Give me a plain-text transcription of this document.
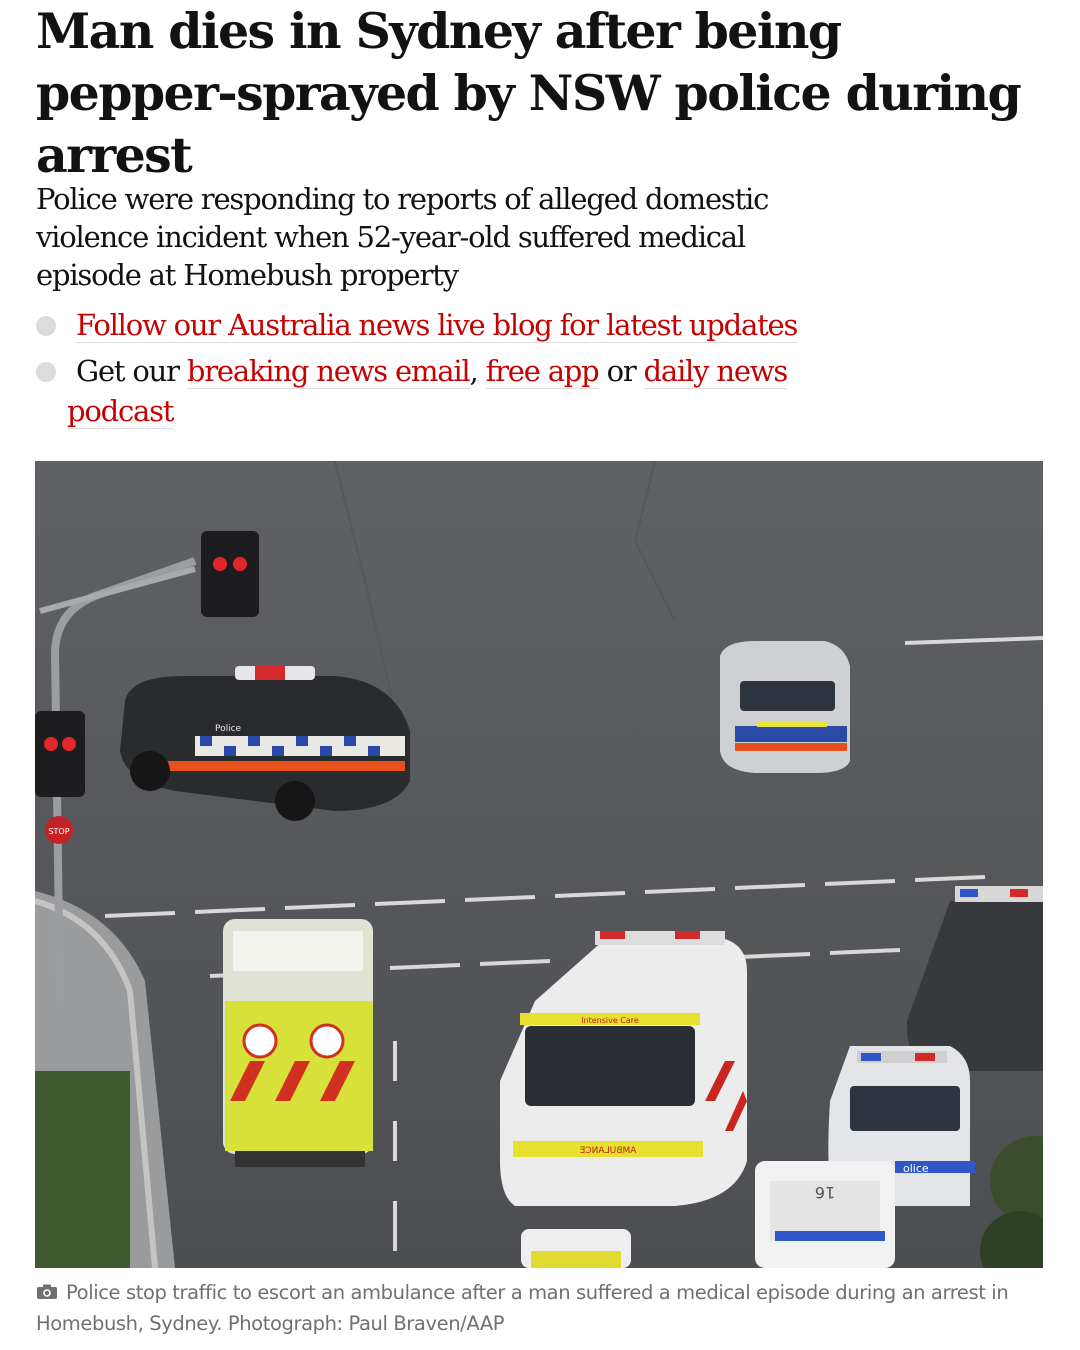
Man dies in Sydney after being pepper-sprayed by NSW police during arrest

Police were responding to reports of alleged domestic violence incident when 52-year-old suffered medical episode at Homebush property

Follow our Australia news live blog for latest updates
Get our breaking news email, free app or daily news
podcast
STOP
Police
Intensive Care
AMBULANCE
olice
16

Police stop traffic to escort an ambulance after a man suffered a medical episode during an arrest in Homebush, Sydney. Photograph: Paul Braven/AAP
